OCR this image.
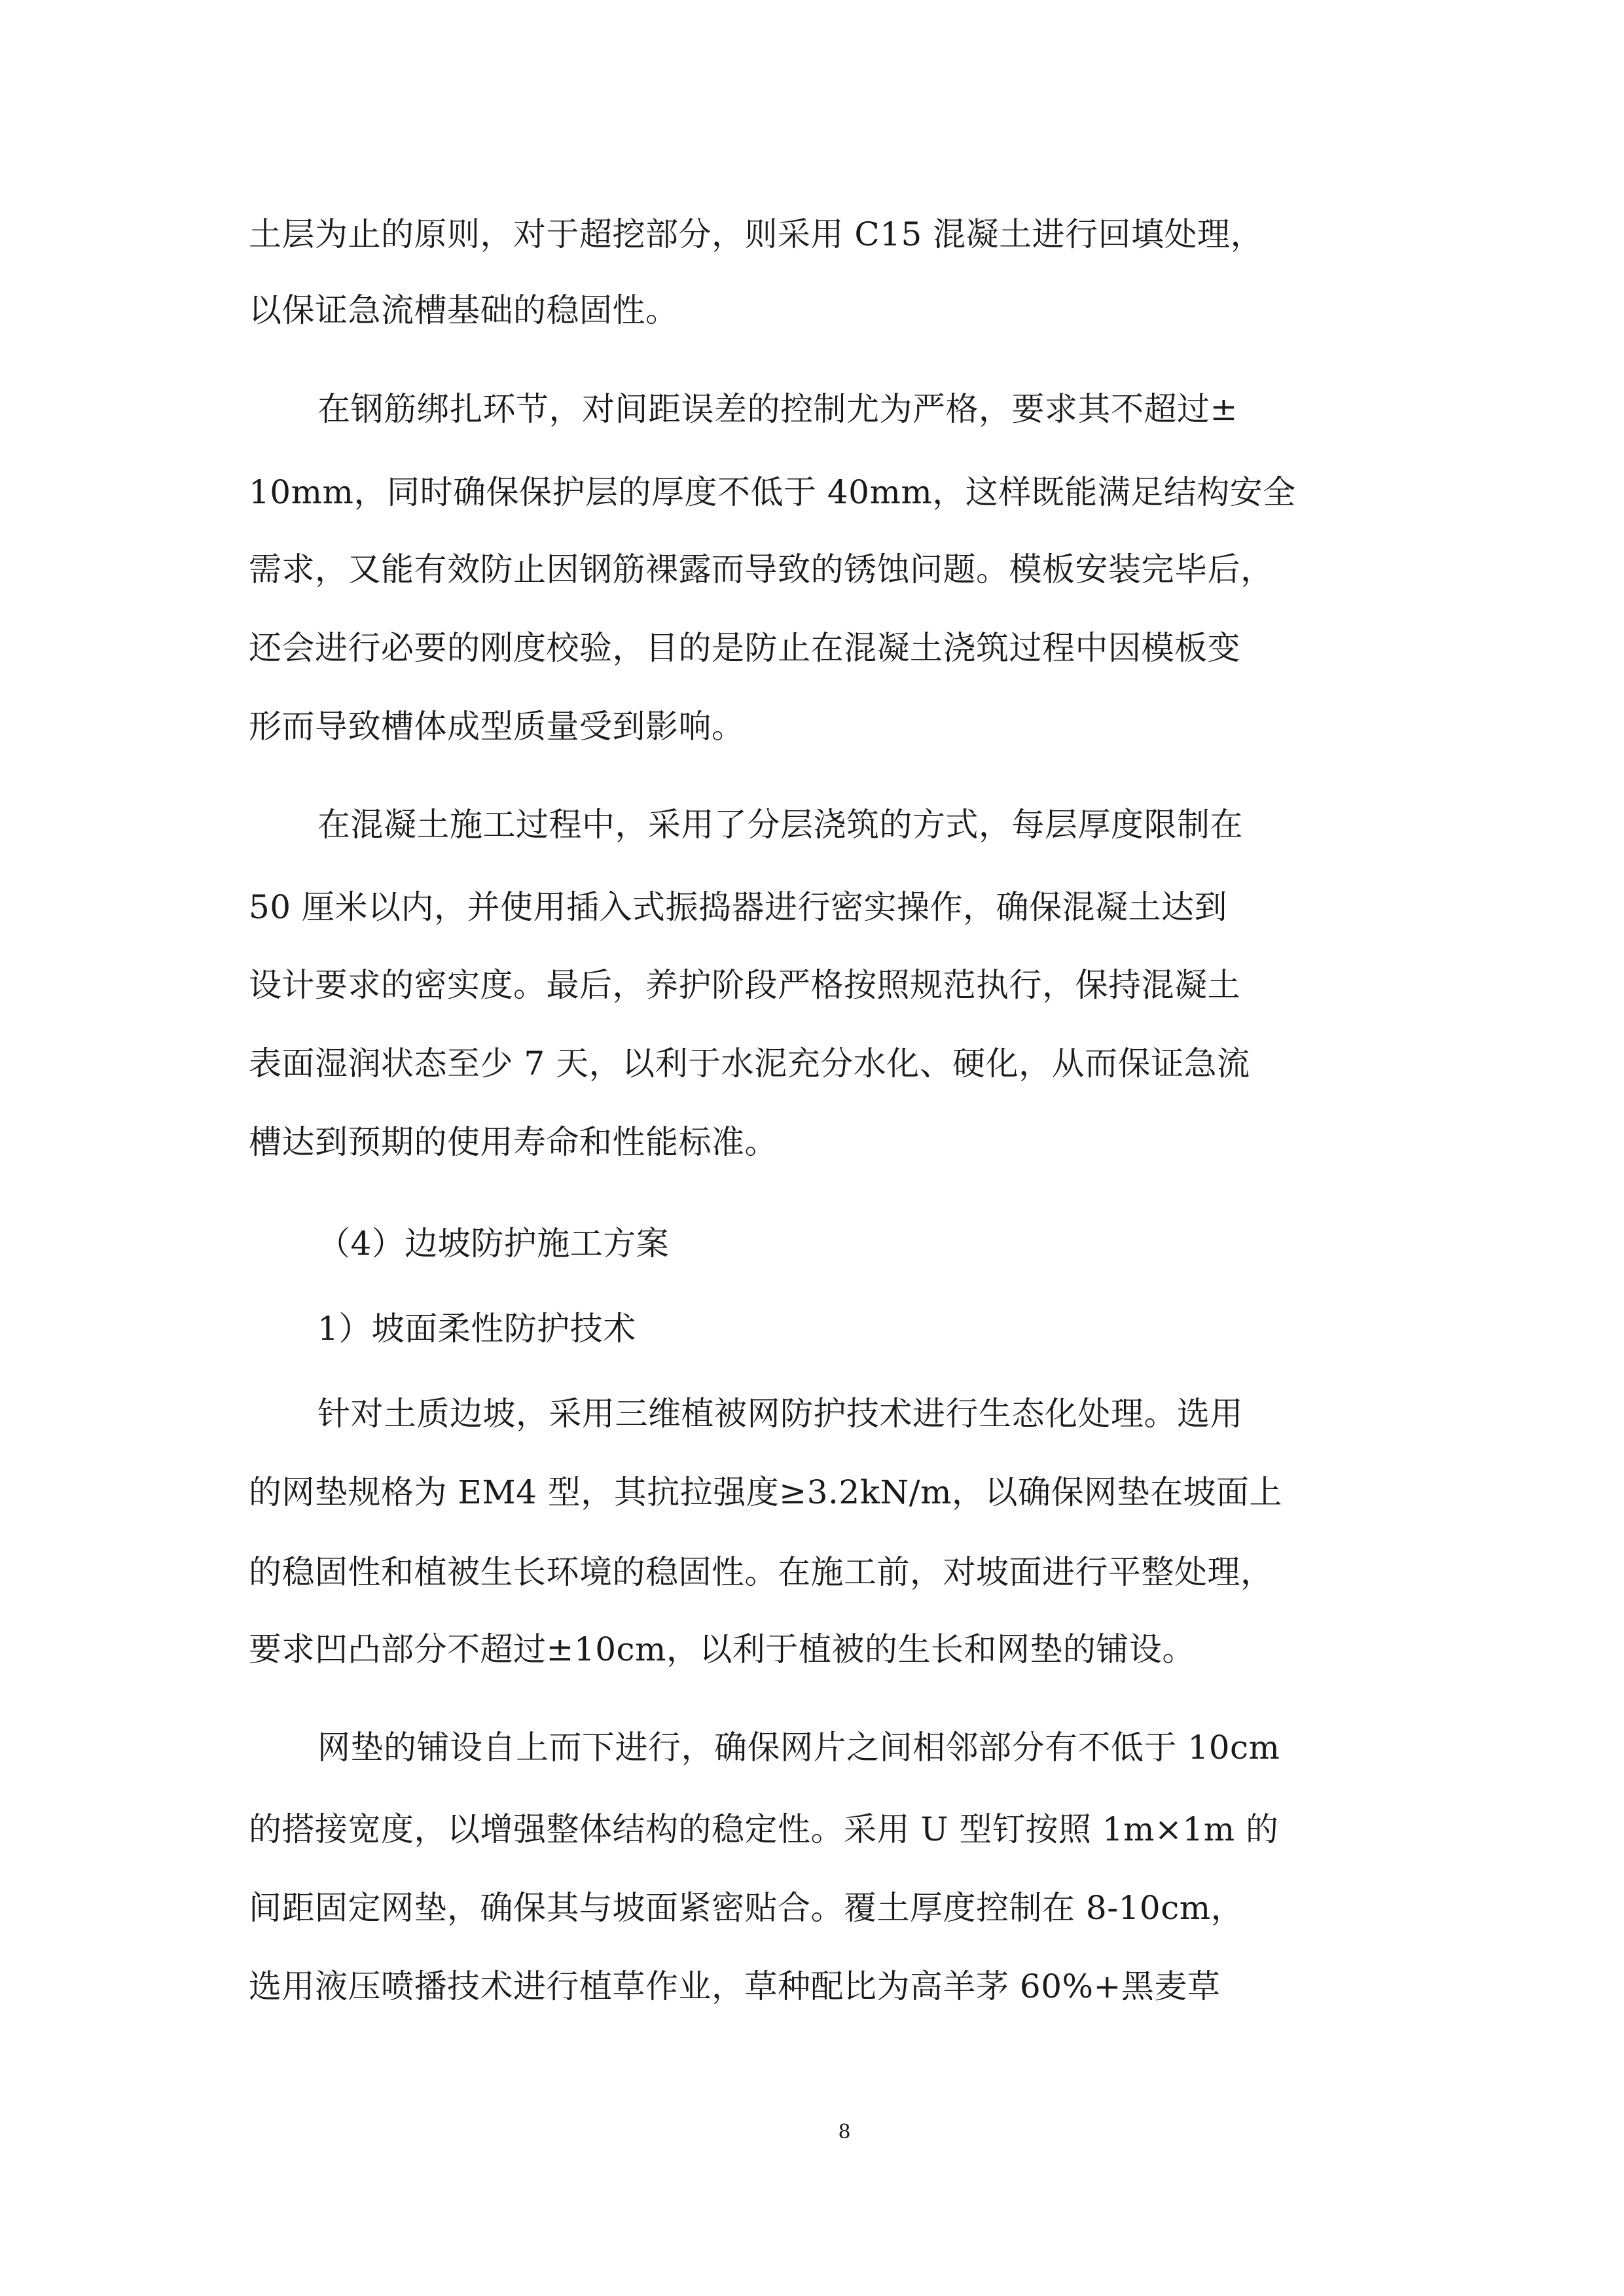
土层为止的原则，对于超挖部分，则采用 C15 混凝土进行回填处理，
以保证急流槽基础的稳固性。
在钢筋绑扎环节，对间距误差的控制尤为严格，要求其不超过±
10mm，同时确保保护层的厚度不低于 40mm，这样既能满足结构安全
需求，又能有效防止因钢筋裸露而导致的锈蚀问题。模板安装完毕后，
还会进行必要的刚度校验，目的是防止在混凝土浇筑过程中因模板变
形而导致槽体成型质量受到影响。
在混凝土施工过程中，采用了分层浇筑的方式，每层厚度限制在
50 厘米以内，并使用插入式振捣器进行密实操作，确保混凝土达到
设计要求的密实度。最后，养护阶段严格按照规范执行，保持混凝土
表面湿润状态至少 7 天，以利于水泥充分水化、硬化，从而保证急流
槽达到预期的使用寿命和性能标准。
（4）边坡防护施工方案
1）坡面柔性防护技术
针对土质边坡，采用三维植被网防护技术进行生态化处理。选用
的网垫规格为 EM4 型，其抗拉强度≥3.2kN/m，以确保网垫在坡面上
的稳固性和植被生长环境的稳固性。在施工前，对坡面进行平整处理，
要求凹凸部分不超过±10cm，以利于植被的生长和网垫的铺设。
网垫的铺设自上而下进行，确保网片之间相邻部分有不低于 10cm
的搭接宽度，以增强整体结构的稳定性。采用 U 型钉按照 1m×1m 的
间距固定网垫，确保其与坡面紧密贴合。覆土厚度控制在 8-10cm，
选用液压喷播技术进行植草作业，草种配比为高羊茅 60%+黑麦草
8
